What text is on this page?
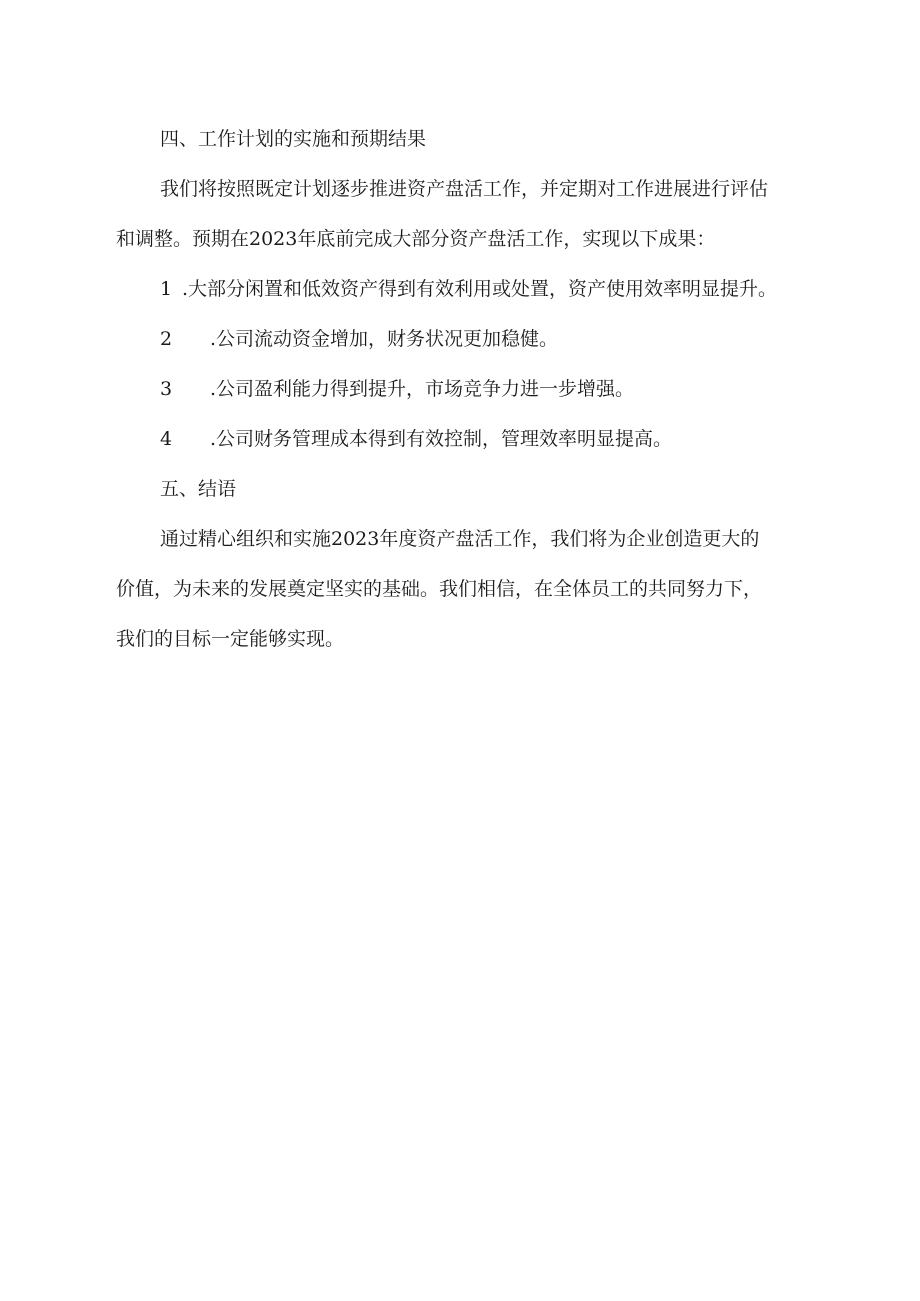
四、工作计划的实施和预期结果
我们将按照既定计划逐步推进资产盘活工作，并定期对工作进展进行评估
和调整。预期在2023年底前完成大部分资产盘活工作，实现以下成果：
1 .大部分闲置和低效资产得到有效利用或处置，资产使用效率明显提升。
2 .公司流动资金增加，财务状况更加稳健。
3 .公司盈利能力得到提升，市场竞争力进一步增强。
4 .公司财务管理成本得到有效控制，管理效率明显提高。
五、结语
通过精心组织和实施2023年度资产盘活工作，我们将为企业创造更大的
价值，为未来的发展奠定坚实的基础。我们相信，在全体员工的共同努力下，
我们的目标一定能够实现。
